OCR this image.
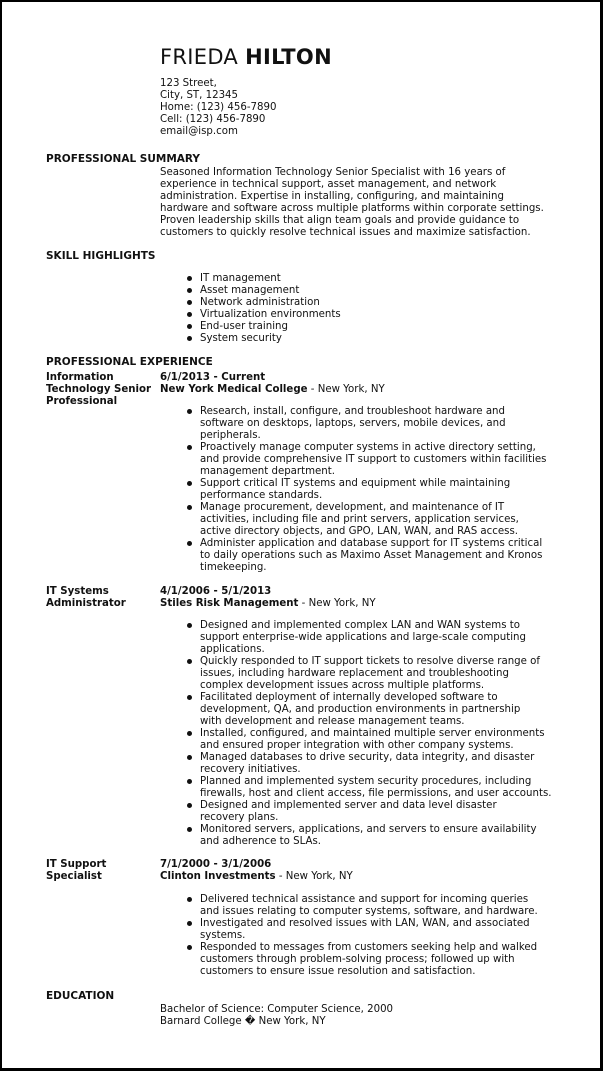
FRIEDA HILTON
123 Street,
City, ST, 12345
Home: (123) 456-7890
Cell: (123) 456-7890
email@isp.com
PROFESSIONAL SUMMARY
Seasoned Information Technology Senior Specialist with 16 years of
experience in technical support, asset management, and network
administration. Expertise in installing, configuring, and maintaining
hardware and software across multiple platforms within corporate settings.
Proven leadership skills that align team goals and provide guidance to
customers to quickly resolve technical issues and maximize satisfaction.
SKILL HIGHLIGHTS
IT management
Asset management
Network administration
Virtualization environments
End-user training
System security
PROFESSIONAL EXPERIENCE
Information
Technology Senior
Professional
6/1/2013 - Current
New York Medical College - New York, NY
Research, install, configure, and troubleshoot hardware and
software on desktops, laptops, servers, mobile devices, and
peripherals.
Proactively manage computer systems in active directory setting,
and provide comprehensive IT support to customers within facilities
management department.
Support critical IT systems and equipment while maintaining
performance standards.
Manage procurement, development, and maintenance of IT
activities, including file and print servers, application services,
active directory objects, and GPO, LAN, WAN, and RAS access.
Administer application and database support for IT systems critical
to daily operations such as Maximo Asset Management and Kronos
timekeeping.
IT Systems
Administrator
4/1/2006 - 5/1/2013
Stiles Risk Management - New York, NY
Designed and implemented complex LAN and WAN systems to
support enterprise-wide applications and large-scale computing
applications.
Quickly responded to IT support tickets to resolve diverse range of
issues, including hardware replacement and troubleshooting
complex development issues across multiple platforms.
Facilitated deployment of internally developed software to
development, QA, and production environments in partnership
with development and release management teams.
Installed, configured, and maintained multiple server environments
and ensured proper integration with other company systems.
Managed databases to drive security, data integrity, and disaster
recovery initiatives.
Planned and implemented system security procedures, including
firewalls, host and client access, file permissions, and user accounts.
Designed and implemented server and data level disaster
recovery plans.
Monitored servers, applications, and servers to ensure availability
and adherence to SLAs.
IT Support Specialist
7/1/2000 - 3/1/2006
Clinton Investments - New York, NY
Delivered technical assistance and support for incoming queries
and issues relating to computer systems, software, and hardware.
Investigated and resolved issues with LAN, WAN, and associated
systems.
Responded to messages from customers seeking help and walked
customers through problem-solving process; followed up with
customers to ensure issue resolution and satisfaction.
EDUCATION
Bachelor of Science: Computer Science, 2000
Barnard College � New York, NY
